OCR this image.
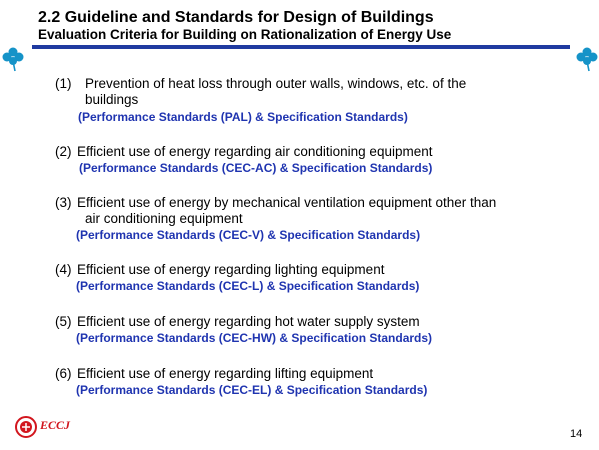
2.2 Guideline and Standards for Design of Buildings
Evaluation Criteria for Building on Rationalization of Energy Use
(1) Prevention of heat loss through outer walls, windows, etc. of the
buildings
(Performance Standards (PAL) & Specification Standards)
(2) Efficient use of energy regarding air conditioning equipment
(Performance Standards (CEC-AC) & Specification Standards)
(3) Efficient use of energy by mechanical ventilation equipment other than
air conditioning equipment
(Performance Standards (CEC-V) & Specification Standards)
(4) Efficient use of energy regarding lighting equipment
(Performance Standards (CEC-L) & Specification Standards)
(5) Efficient use of energy regarding hot water supply system
(Performance Standards (CEC-HW) & Specification Standards)
(6) Efficient use of energy regarding lifting equipment
(Performance Standards (CEC-EL) & Specification Standards)
ECCJ
14
